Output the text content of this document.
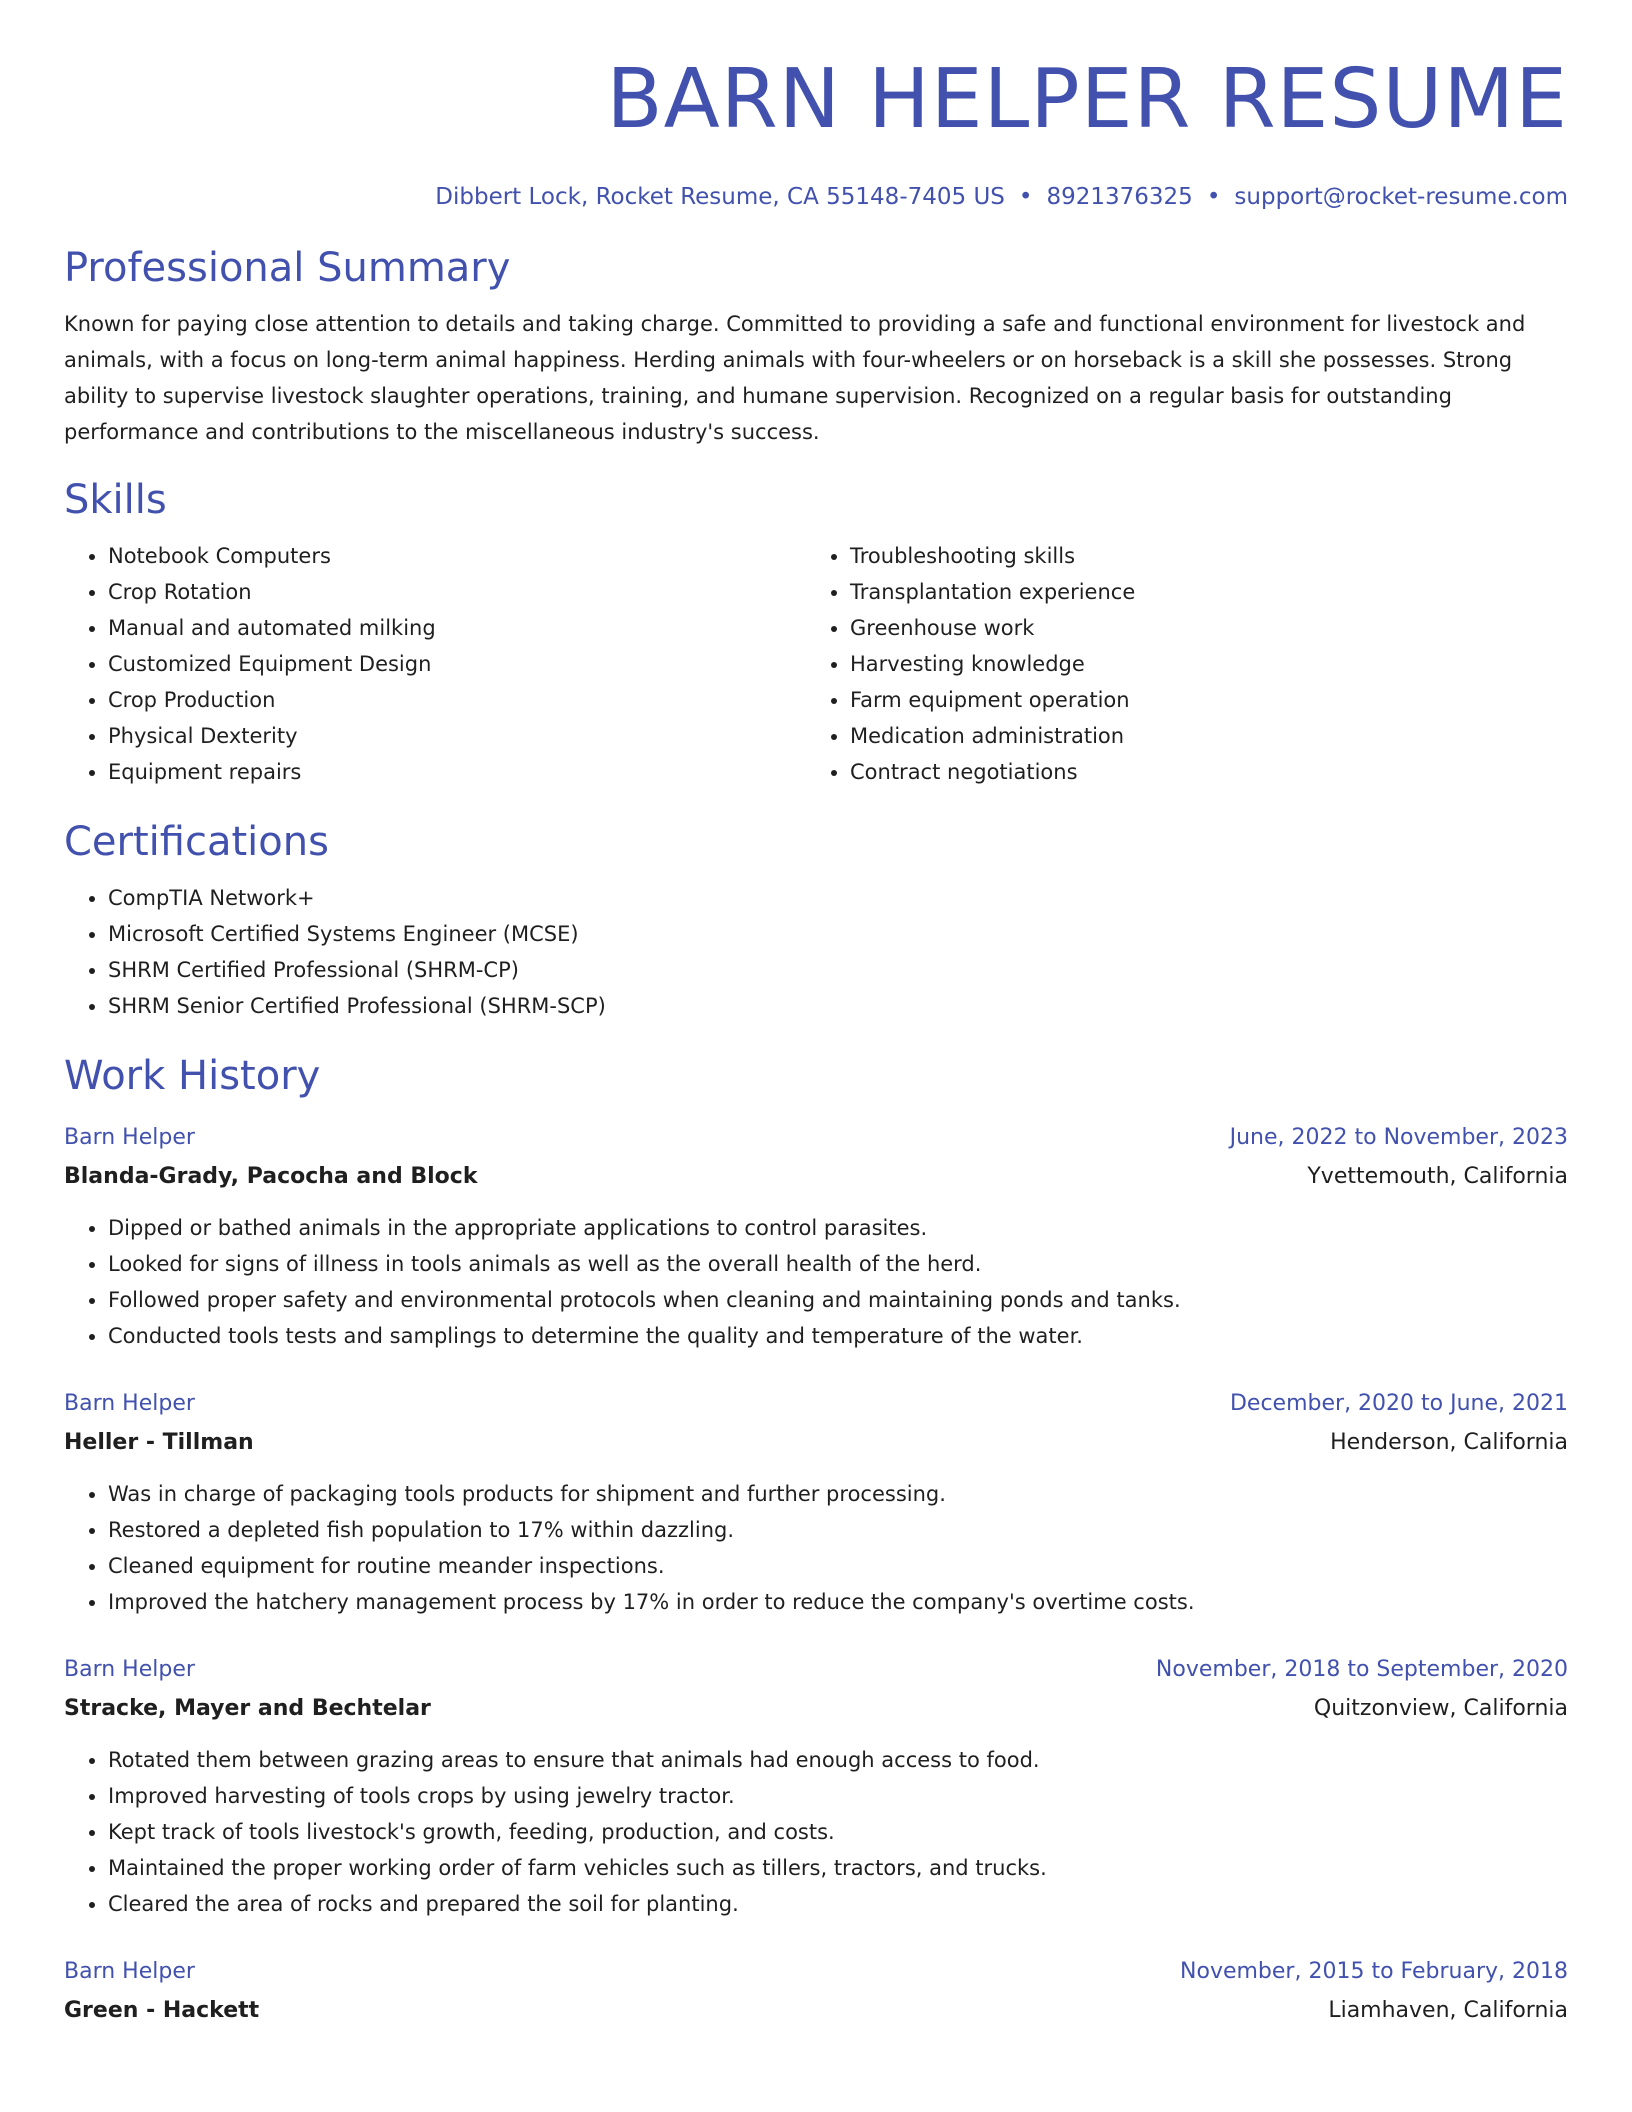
BARN HELPER RESUME
Dibbert Lock, Rocket Resume, CA 55148-7405 US • 8921376325 • support@rocket-resume.com
Professional Summary
Known for paying close attention to details and taking charge. Committed to providing a safe and functional environment for livestock and animals, with a focus on long-term animal happiness. Herding animals with four-wheelers or on horseback is a skill she possesses. Strong ability to supervise livestock slaughter operations, training, and humane supervision. Recognized on a regular basis for outstanding performance and contributions to the miscellaneous industry's success.
Skills
• Notebook Computers
• Crop Rotation
• Manual and automated milking
• Customized Equipment Design
• Crop Production
• Physical Dexterity
• Equipment repairs
• Troubleshooting skills
• Transplantation experience
• Greenhouse work
• Harvesting knowledge
• Farm equipment operation
• Medication administration
• Contract negotiations
Certifications
• CompTIA Network+
• Microsoft Certified Systems Engineer (MCSE)
• SHRM Certified Professional (SHRM-CP)
• SHRM Senior Certified Professional (SHRM-SCP)
Work History
Barn Helper	June, 2022 to November, 2023
Blanda-Grady, Pacocha and Block	Yvettemouth, California
• Dipped or bathed animals in the appropriate applications to control parasites.
• Looked for signs of illness in tools animals as well as the overall health of the herd.
• Followed proper safety and environmental protocols when cleaning and maintaining ponds and tanks.
• Conducted tools tests and samplings to determine the quality and temperature of the water.
Barn Helper	December, 2020 to June, 2021
Heller - Tillman	Henderson, California
• Was in charge of packaging tools products for shipment and further processing.
• Restored a depleted fish population to 17% within dazzling.
• Cleaned equipment for routine meander inspections.
• Improved the hatchery management process by 17% in order to reduce the company's overtime costs.
Barn Helper	November, 2018 to September, 2020
Stracke, Mayer and Bechtelar	Quitzonview, California
• Rotated them between grazing areas to ensure that animals had enough access to food.
• Improved harvesting of tools crops by using jewelry tractor.
• Kept track of tools livestock's growth, feeding, production, and costs.
• Maintained the proper working order of farm vehicles such as tillers, tractors, and trucks.
• Cleared the area of rocks and prepared the soil for planting.
Barn Helper	November, 2015 to February, 2018
Green - Hackett	Liamhaven, California
